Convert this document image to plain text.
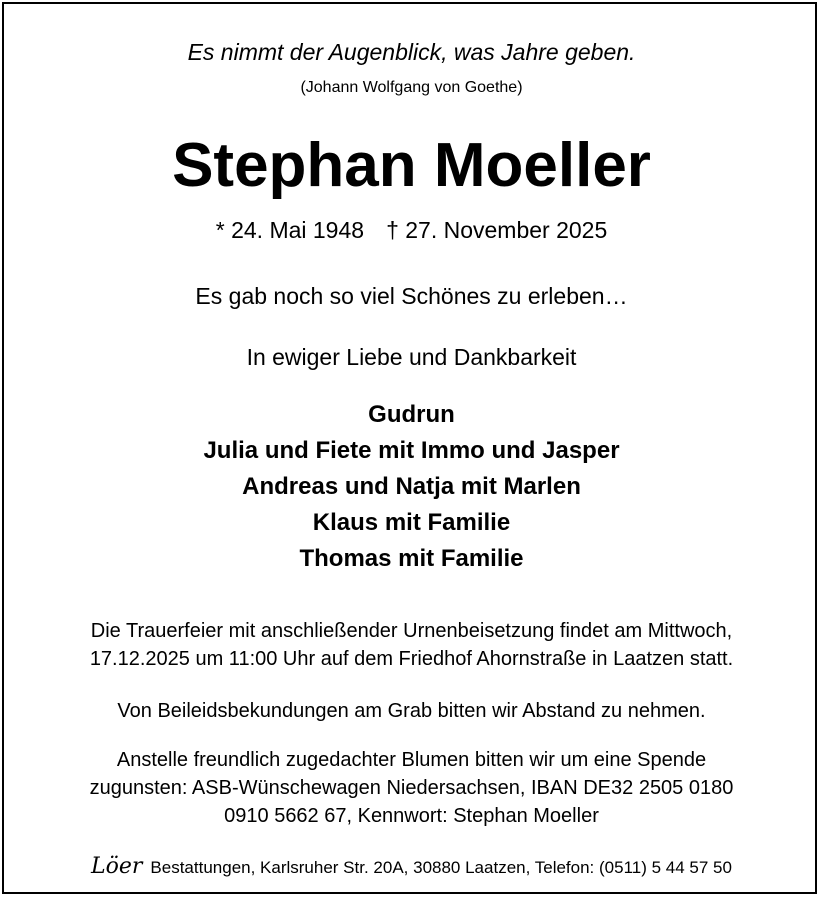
Es nimmt der Augenblick, was Jahre geben.
(Johann Wolfgang von Goethe)
Stephan Moeller
* 24. Mai 1948 † 27. November 2025
Es gab noch so viel Schönes zu erleben…
In ewiger Liebe und Dankbarkeit
Gudrun
Julia und Fiete mit Immo und Jasper
Andreas und Natja mit Marlen
Klaus mit Familie
Thomas mit Familie
Die Trauerfeier mit anschließender Urnenbeisetzung findet am Mittwoch,
17.12.2025 um 11:00 Uhr auf dem Friedhof Ahornstraße in Laatzen statt.
Von Beileidsbekundungen am Grab bitten wir Abstand zu nehmen.
Anstelle freundlich zugedachter Blumen bitten wir um eine Spende
zugunsten: ASB-Wünschewagen Niedersachsen, IBAN DE32 2505 0180
0910 5662 67, Kennwort: Stephan Moeller
Löer Bestattungen, Karlsruher Str. 20A, 30880 Laatzen, Telefon: (0511) 5 44 57 50
